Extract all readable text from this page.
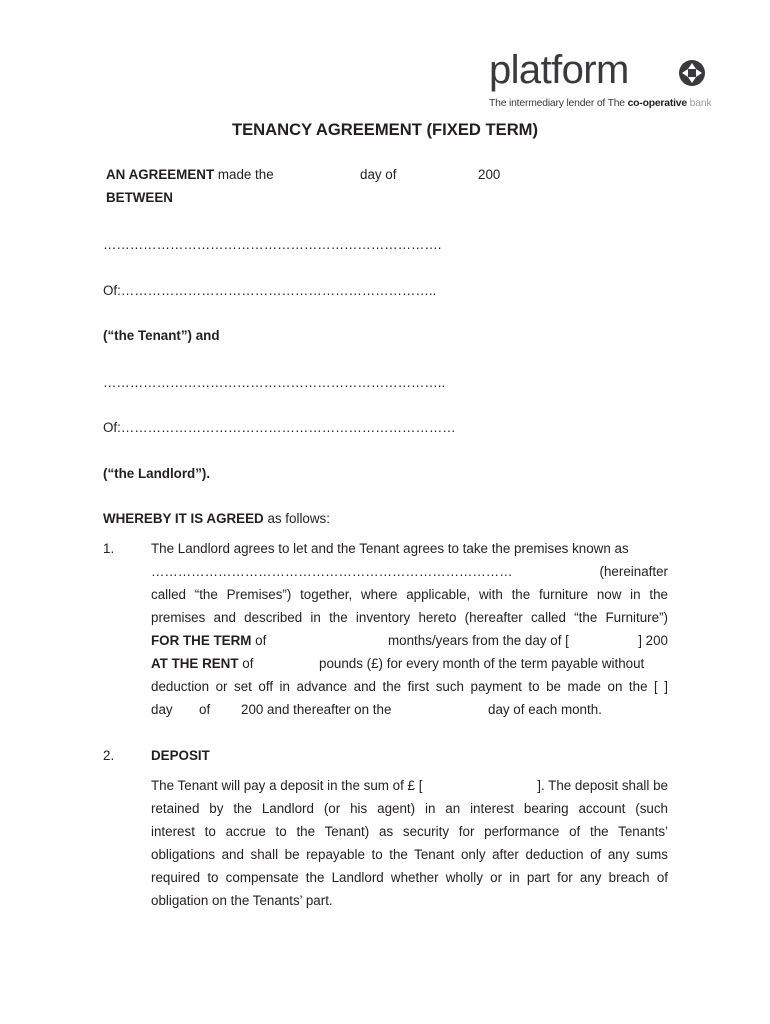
platform
The intermediary lender of The co-operative bank
TENANCY AGREEMENT (FIXED TERM)
AN AGREEMENT made the	day of	200
BETWEEN
………………………………………………………………….
Of:……………………………………………………………..
(“the Tenant”) and
…………………………………………………………………..
Of:…………………………………………………………………
(“the Landlord”).
WHEREBY IT IS AGREED as follows:
1.	The Landlord agrees to let and the Tenant agrees to take the premises known as
………………………………………………………………………	(hereinafter
called “the Premises”) together, where applicable, with the furniture now in the
premises and described in the inventory hereto (hereafter called “the Furniture”)
FOR THE TERM of	months/years from the day of [	] 200
AT THE RENT of	pounds (£) for every month of the term payable without
deduction or set off in advance and the first such payment to be made on the [ ]
day of 200 and thereafter on the	day of each month.
2.	DEPOSIT
The Tenant will pay a deposit in the sum of £ [	]. The deposit shall be
retained by the Landlord (or his agent) in an interest bearing account (such
interest to accrue to the Tenant) as security for performance of the Tenants’
obligations and shall be repayable to the Tenant only after deduction of any sums
required to compensate the Landlord whether wholly or in part for any breach of
obligation on the Tenants’ part.
